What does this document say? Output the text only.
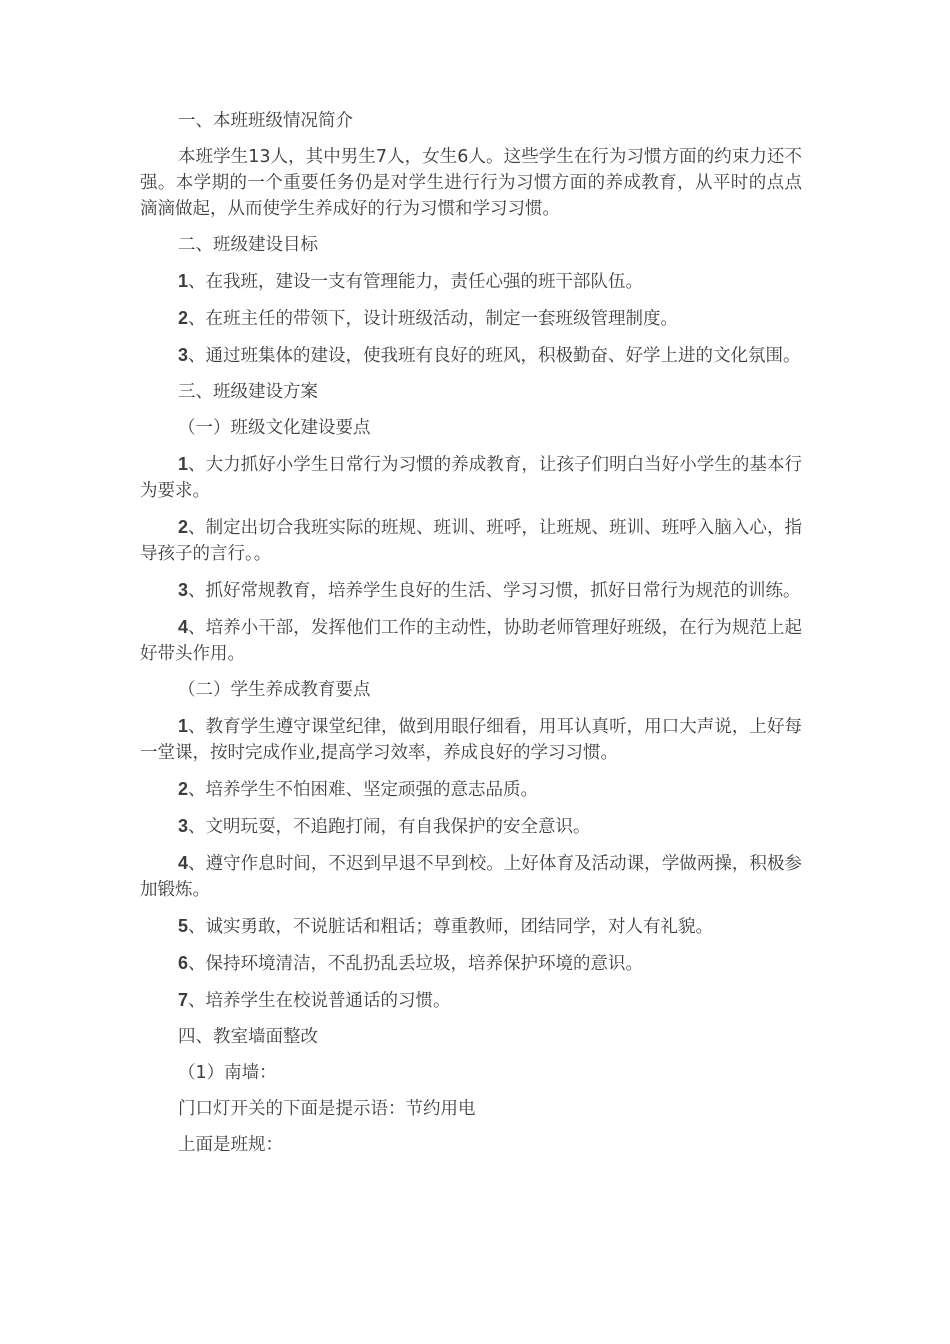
一、本班班级情况简介

本班学生13人，其中男生7人，女生6人。这些学生在行为习惯方面的约束力还不强。本学期的一个重要任务仍是对学生进行行为习惯方面的养成教育，从平时的点点滴滴做起，从而使学生养成好的行为习惯和学习习惯。

二、班级建设目标

1、在我班，建设一支有管理能力，责任心强的班干部队伍。

2、在班主任的带领下，设计班级活动，制定一套班级管理制度。

3、通过班集体的建设，使我班有良好的班风，积极勤奋、好学上进的文化氛围。

三、班级建设方案

（一）班级文化建设要点

1、大力抓好小学生日常行为习惯的养成教育，让孩子们明白当好小学生的基本行为要求。

2、制定出切合我班实际的班规、班训、班呼，让班规、班训、班呼入脑入心，指导孩子的言行。。

3、抓好常规教育，培养学生良好的生活、学习习惯，抓好日常行为规范的训练。

4、培养小干部，发挥他们工作的主动性，协助老师管理好班级，在行为规范上起好带头作用。

（二）学生养成教育要点

1、教育学生遵守课堂纪律，做到用眼仔细看，用耳认真听，用口大声说，上好每一堂课，按时完成作业,提高学习效率，养成良好的学习习惯。

2、培养学生不怕困难、坚定顽强的意志品质。

3、文明玩耍，不追跑打闹，有自我保护的安全意识。

4、遵守作息时间，不迟到早退不早到校。上好体育及活动课，学做两操，积极参加锻炼。

5、诚实勇敢，不说脏话和粗话；尊重教师，团结同学，对人有礼貌。

6、保持环境清洁，不乱扔乱丢垃圾，培养保护环境的意识。

7、培养学生在校说普通话的习惯。

四、教室墙面整改

（1）南墙：

门口灯开关的下面是提示语：节约用电

上面是班规：
